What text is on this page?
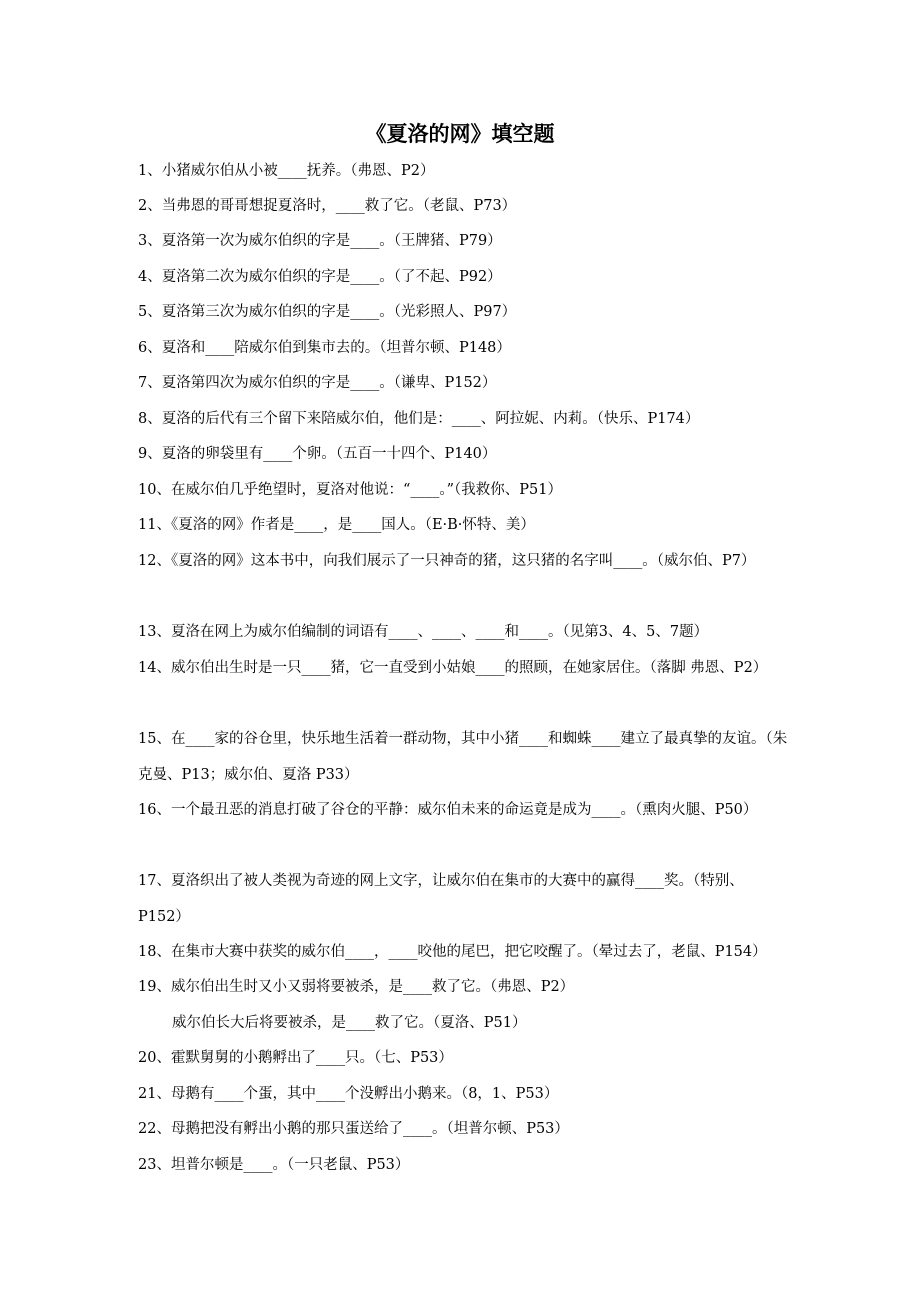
《夏洛的网》填空题
1、小猪威尔伯从小被____抚养。（弗恩、P2）
2、当弗恩的哥哥想捉夏洛时，____救了它。（老鼠、P73）
3、夏洛第一次为威尔伯织的字是____。（王牌猪、P79）
4、夏洛第二次为威尔伯织的字是____。（了不起、P92）
5、夏洛第三次为威尔伯织的字是____。（光彩照人、P97）
6、夏洛和____陪威尔伯到集市去的。（坦普尔顿、P148）
7、夏洛第四次为威尔伯织的字是____。（谦卑、P152）
8、夏洛的后代有三个留下来陪威尔伯，他们是：____、阿拉妮、内莉。（快乐、P174）
9、夏洛的卵袋里有____个卵。（五百一十四个、P140）
10、在威尔伯几乎绝望时，夏洛对他说：“____。”（我救你、P51）
11、《夏洛的网》作者是____，是____国人。（E·B·怀特、美）
12、《夏洛的网》这本书中，向我们展示了一只神奇的猪，这只猪的名字叫____。（威尔伯、P7）
13、夏洛在网上为威尔伯编制的词语有____、____、____和____。（见第3、4、5、7题）
14、威尔伯出生时是一只____猪，它一直受到小姑娘____的照顾，在她家居住。（落脚 弗恩、P2）
15、在____家的谷仓里，快乐地生活着一群动物，其中小猪____和蜘蛛____建立了最真挚的友谊。（朱克曼、P13；威尔伯、夏洛 P33）
16、一个最丑恶的消息打破了谷仓的平静：威尔伯未来的命运竟是成为____。（熏肉火腿、P50）
17、夏洛织出了被人类视为奇迹的网上文字，让威尔伯在集市的大赛中的赢得____奖。（特别、P152）
18、在集市大赛中获奖的威尔伯____，____咬他的尾巴，把它咬醒了。（晕过去了，老鼠、P154）
19、威尔伯出生时又小又弱将要被杀，是____救了它。（弗恩、P2）
威尔伯长大后将要被杀，是____救了它。（夏洛、P51）
20、霍默舅舅的小鹅孵出了____只。（七、P53）
21、母鹅有____个蛋，其中____个没孵出小鹅来。（8，1、P53）
22、母鹅把没有孵出小鹅的那只蛋送给了____。（坦普尔顿、P53）
23、坦普尔顿是____。（一只老鼠、P53）
